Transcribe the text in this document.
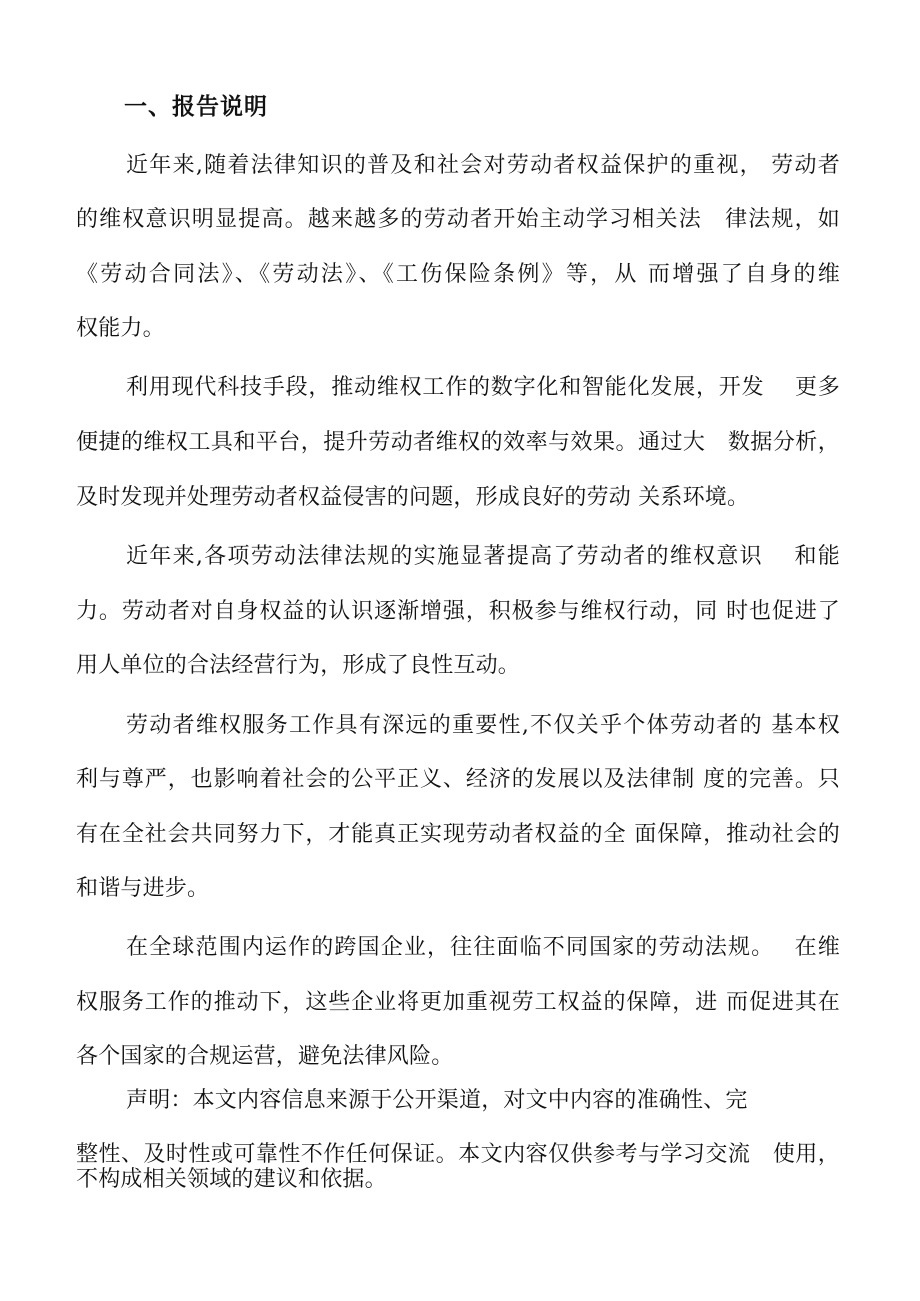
一、报告说明
近年来,随着法律知识的普及和社会对劳动者权益保护的重视， 劳动者
的维权意识明显提高。越来越多的劳动者开始主动学习相关法　律法规，如
《劳动合同法》、《劳动法》、《工伤保险条例》等，从 而增强了自身的维
权能力。
利用现代科技手段，推动维权工作的数字化和智能化发展，开发　 更多
便捷的维权工具和平台，提升劳动者维权的效率与效果。通过大　数据分析，
及时发现并处理劳动者权益侵害的问题，形成良好的劳动 关系环境。
近年来,各项劳动法律法规的实施显著提高了劳动者的维权意识　 和能
力。劳动者对自身权益的认识逐渐增强，积极参与维权行动，同 时也促进了
用人单位的合法经营行为，形成了良性互动。
劳动者维权服务工作具有深远的重要性,不仅关乎个体劳动者的 基本权
利与尊严，也影响着社会的公平正义、经济的发展以及法律制 度的完善。只
有在全社会共同努力下，才能真正实现劳动者权益的全 面保障，推动社会的
和谐与进步。
在全球范围内运作的跨国企业，往往面临不同国家的劳动法规。　 在维
权服务工作的推动下，这些企业将更加重视劳工权益的保障，进 而促进其在
各个国家的合规运营，避免法律风险。
声明：本文内容信息来源于公开渠道，对文中内容的准确性、完
整性、及时性或可靠性不作任何保证。本文内容仅供参考与学习交流　使用，
不构成相关领域的建议和依据。
